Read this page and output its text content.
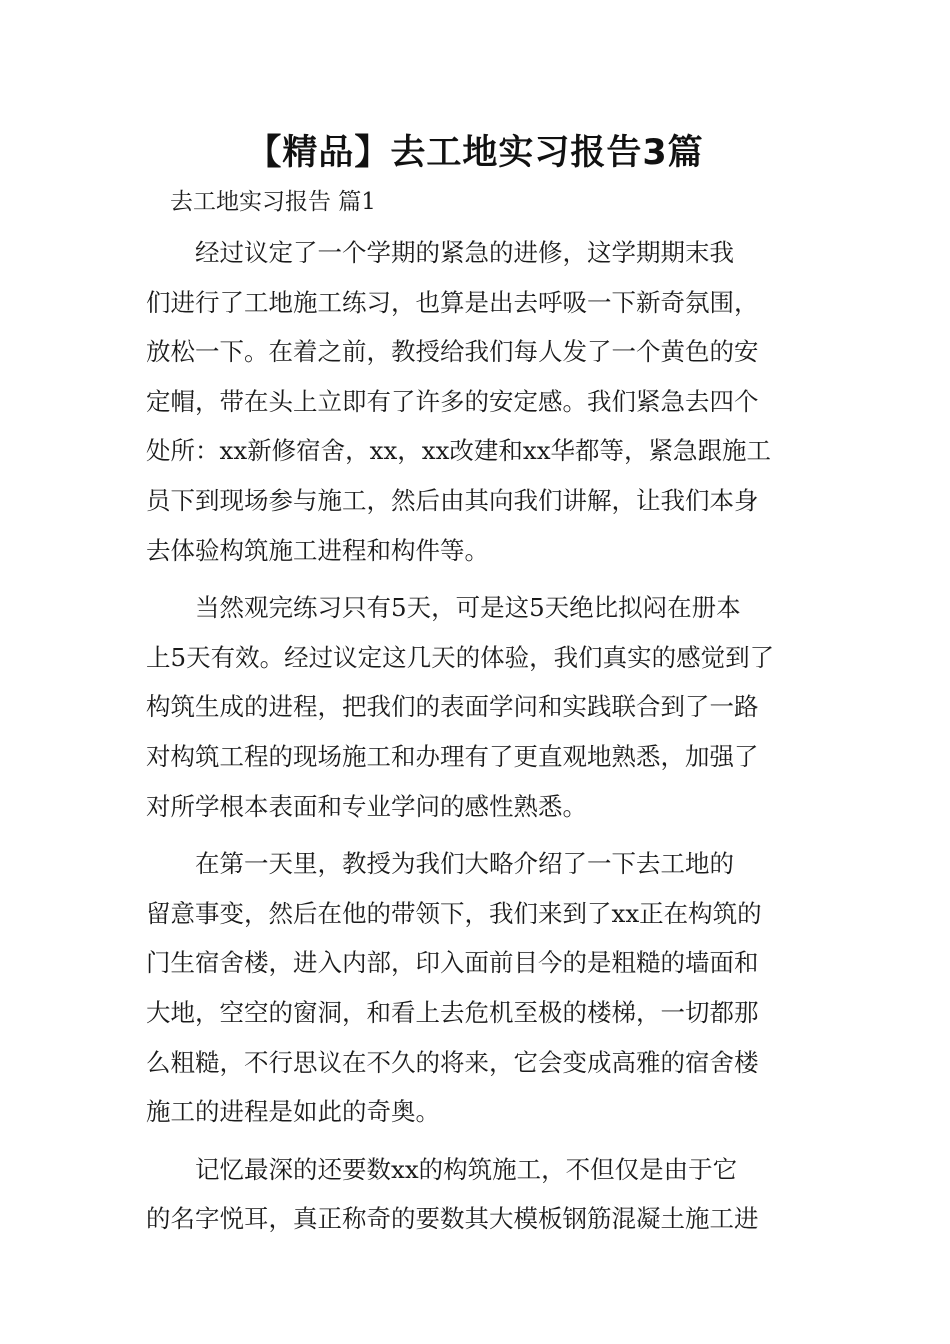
【精品】去工地实习报告3篇

去工地实习报告 篇1

经过议定了一个学期的紧急的进修，这学期期末我
们进行了工地施工练习，也算是出去呼吸一下新奇氛围，
放松一下。在着之前，教授给我们每人发了一个黄色的安
定帽，带在头上立即有了许多的安定感。我们紧急去四个
处所：xx新修宿舍，xx，xx改建和xx华都等，紧急跟施工
员下到现场参与施工，然后由其向我们讲解，让我们本身
去体验构筑施工进程和构件等。

当然观完练习只有5天，可是这5天绝比拟闷在册本
上5天有效。经过议定这几天的体验，我们真实的感觉到了
构筑生成的进程，把我们的表面学问和实践联合到了一路
对构筑工程的现场施工和办理有了更直观地熟悉，加强了
对所学根本表面和专业学问的感性熟悉。

在第一天里，教授为我们大略介绍了一下去工地的
留意事变，然后在他的带领下，我们来到了xx正在构筑的
门生宿舍楼，进入内部，印入面前目今的是粗糙的墙面和
大地，空空的窗洞，和看上去危机至极的楼梯，一切都那
么粗糙，不行思议在不久的将来，它会变成高雅的宿舍楼
施工的进程是如此的奇奥。

记忆最深的还要数xx的构筑施工，不但仅是由于它
的名字悦耳，真正称奇的要数其大模板钢筋混凝土施工进
